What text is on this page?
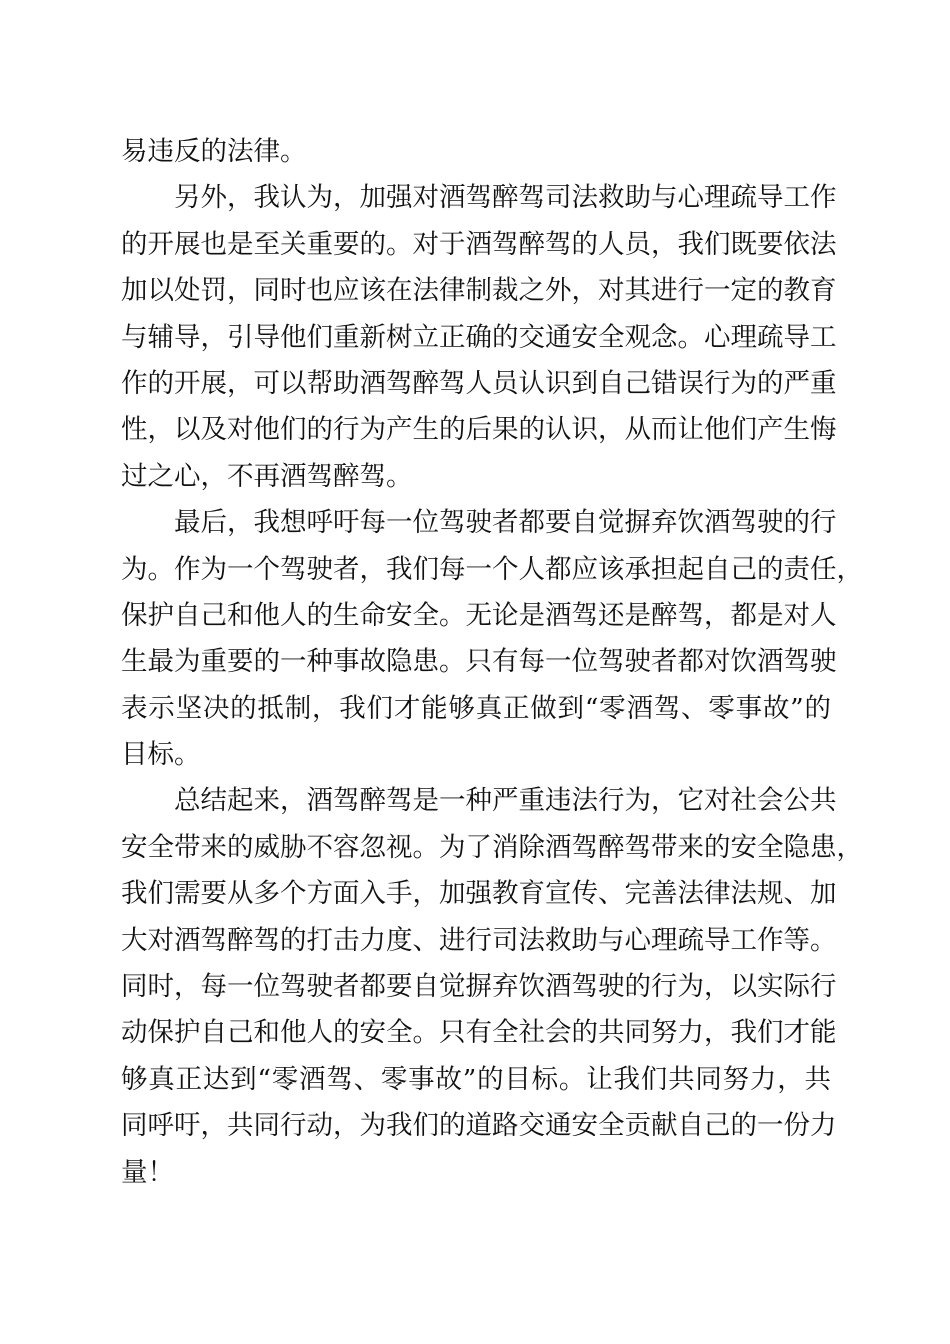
易违反的法律。
另外，我认为，加强对酒驾醉驾司法救助与心理疏导工作
的开展也是至关重要的。对于酒驾醉驾的人员，我们既要依法
加以处罚，同时也应该在法律制裁之外，对其进行一定的教育
与辅导，引导他们重新树立正确的交通安全观念。心理疏导工
作的开展，可以帮助酒驾醉驾人员认识到自己错误行为的严重
性，以及对他们的行为产生的后果的认识，从而让他们产生悔
过之心，不再酒驾醉驾。
最后，我想呼吁每一位驾驶者都要自觉摒弃饮酒驾驶的行
为。作为一个驾驶者，我们每一个人都应该承担起自己的责任，
保护自己和他人的生命安全。无论是酒驾还是醉驾，都是对人
生最为重要的一种事故隐患。只有每一位驾驶者都对饮酒驾驶
表示坚决的抵制，我们才能够真正做到“零酒驾、零事故”的
目标。
总结起来，酒驾醉驾是一种严重违法行为，它对社会公共
安全带来的威胁不容忽视。为了消除酒驾醉驾带来的安全隐患，
我们需要从多个方面入手，加强教育宣传、完善法律法规、加
大对酒驾醉驾的打击力度、进行司法救助与心理疏导工作等。
同时，每一位驾驶者都要自觉摒弃饮酒驾驶的行为，以实际行
动保护自己和他人的安全。只有全社会的共同努力，我们才能
够真正达到“零酒驾、零事故”的目标。让我们共同努力，共
同呼吁，共同行动，为我们的道路交通安全贡献自己的一份力
量！
